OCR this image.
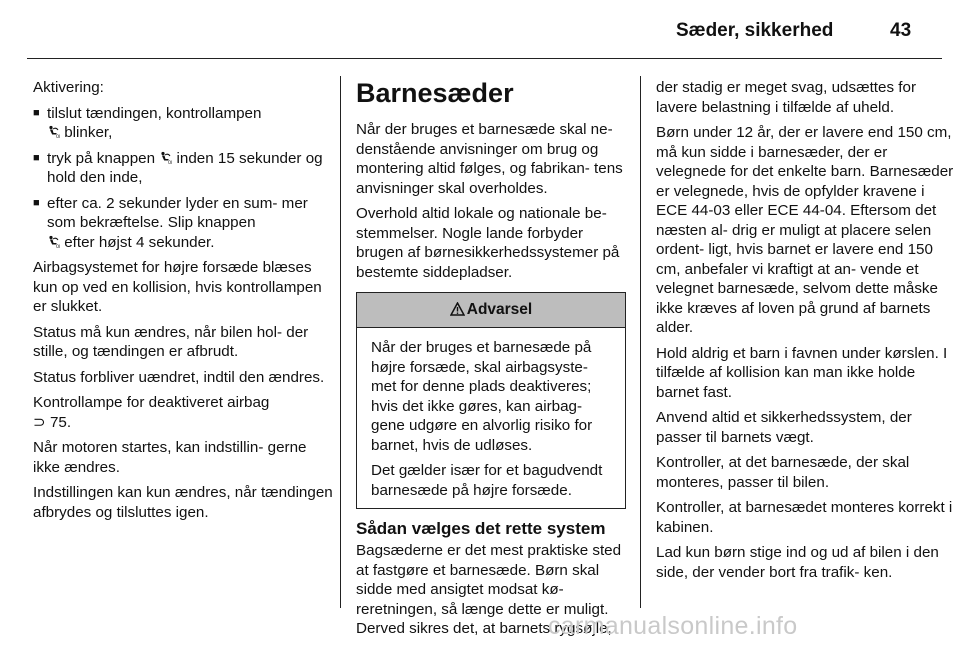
Sæder, sikkerhed	43

Aktivering:

■ tilslut tændingen, kontrollampen

O blinker,
■ tryk på knappen O inden 15 sekunder og hold den inde,
■ efter ca. 2 sekunder lyder en sum- mer som bekræftelse. Slip knappen

O efter højst 4 sekunder.

Airbagsystemet for højre forsæde blæses kun op ved en kollision, hvis kontrollampen er slukket.

Status må kun ændres, når bilen hol- der stille, og tændingen er afbrudt.

Status forbliver uændret, indtil den ændres.

Kontrollampe for deaktiveret airbag
⊃ 75.

Når motoren startes, kan indstillin- gerne ikke ændres.

Indstillingen kan kun ændres, når tændingen afbrydes og tilsluttes igen.

Barnesæder

Når der bruges et barnesæde skal ne- denstående anvisninger om brug og montering altid følges, og fabrikan- tens anvisninger skal overholdes.

Overhold altid lokale og nationale be- stemmelser. Nogle lande forbyder brugen af børnesikkerhedssystemer på bestemte siddepladser.

Advarsel

Når der bruges et barnesæde på højre forsæde, skal airbagsyste- met for denne plads deaktiveres; hvis det ikke gøres, kan airbag- gene udgøre en alvorlig risiko for barnet, hvis de udløses.

Det gælder især for et bagudvendt barnesæde på højre forsæde.

Sådan vælges det rette system

Bagsæderne er det mest praktiske sted at fastgøre et barnesæde. Børn skal sidde med ansigtet modsat kø- reretningen, så længe dette er muligt. Derved sikres det, at barnets rygsøjle,

der stadig er meget svag, udsættes for lavere belastning i tilfælde af uheld.

Børn under 12 år, der er lavere end 150 cm, må kun sidde i barnesæder, der er velegnede for det enkelte barn. Barnesæder er velegnede, hvis de opfylder kravene i ECE 44-03 eller ECE 44-04. Eftersom det næsten al- drig er muligt at placere selen ordent- ligt, hvis barnet er lavere end 150 cm, anbefaler vi kraftigt at an- vende et velegnet barnesæde, selvom dette måske ikke kræves af loven på grund af barnets alder.

Hold aldrig et barn i favnen under kørslen. I tilfælde af kollision kan man ikke holde barnet fast.

Anvend altid et sikkerhedssystem, der passer til barnets vægt.

Kontroller, at det barnesæde, der skal monteres, passer til bilen.

Kontroller, at barnesædet monteres korrekt i kabinen.

Lad kun børn stige ind og ud af bilen i den side, der vender bort fra trafik- ken.

carmanualsonline.info
